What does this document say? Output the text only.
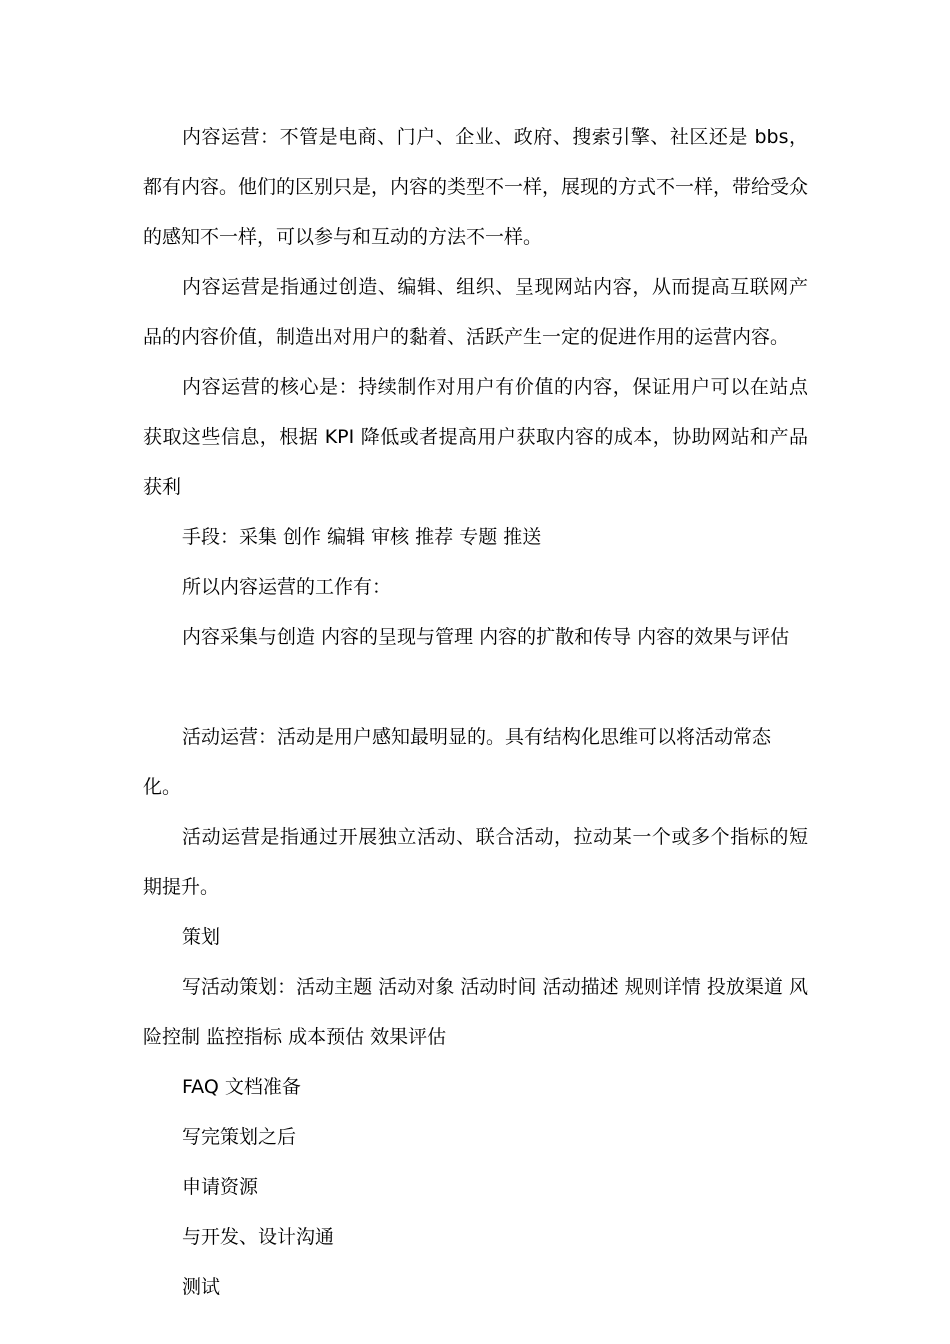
内容运营：不管是电商、门户、企业、政府、搜索引擎、社区还是 bbs，都有内容。他们的区别只是，内容的类型不一样，展现的方式不一样，带给受众的感知不一样，可以参与和互动的方法不一样。

内容运营是指通过创造、编辑、组织、呈现网站内容，从而提高互联网产品的内容价值，制造出对用户的黏着、活跃产生一定的促进作用的运营内容。

内容运营的核心是：持续制作对用户有价值的内容，保证用户可以在站点获取这些信息，根据 KPI 降低或者提高用户获取内容的成本，协助网站和产品获利

手段：采集 创作 编辑 审核 推荐 专题 推送

所以内容运营的工作有：

内容采集与创造 内容的呈现与管理 内容的扩散和传导 内容的效果与评估

活动运营：活动是用户感知最明显的。具有结构化思维可以将活动常态化。

活动运营是指通过开展独立活动、联合活动，拉动某一个或多个指标的短期提升。

策划

写活动策划：活动主题 活动对象 活动时间 活动描述 规则详情 投放渠道 风险控制 监控指标 成本预估 效果评估

FAQ 文档准备

写完策划之后

申请资源

与开发、设计沟通

测试
